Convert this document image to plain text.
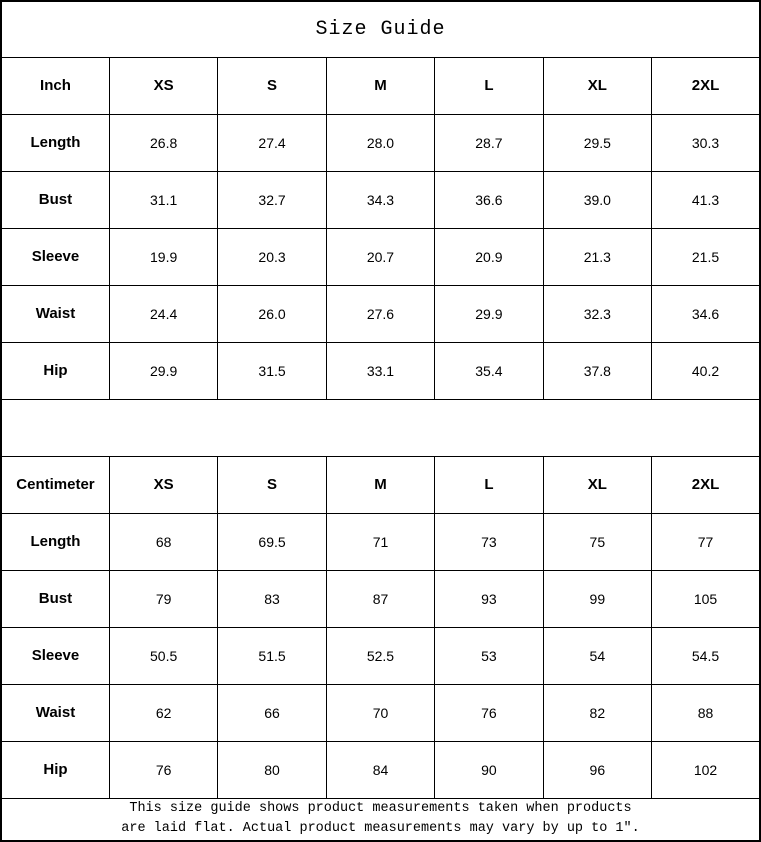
Size Guide						
Inch	XS	S	M	L	XL	2XL
Length	26.8	27.4	28.0	28.7	29.5	30.3
Bust	31.1	32.7	34.3	36.6	39.0	41.3
Sleeve	19.9	20.3	20.7	20.9	21.3	21.5
Waist	24.4	26.0	27.6	29.9	32.3	34.6
Hip	29.9	31.5	33.1	35.4	37.8	40.2

Centimeter	XS	S	M	L	XL	2XL
Length	68	69.5	71	73	75	77
Bust	79	83	87	93	99	105
Sleeve	50.5	51.5	52.5	53	54	54.5
Waist	62	66	70	76	82	88
Hip	76	80	84	90	96	102

This size guide shows product measurements taken when products
are laid flat. Actual product measurements may vary by up to 1″.						
